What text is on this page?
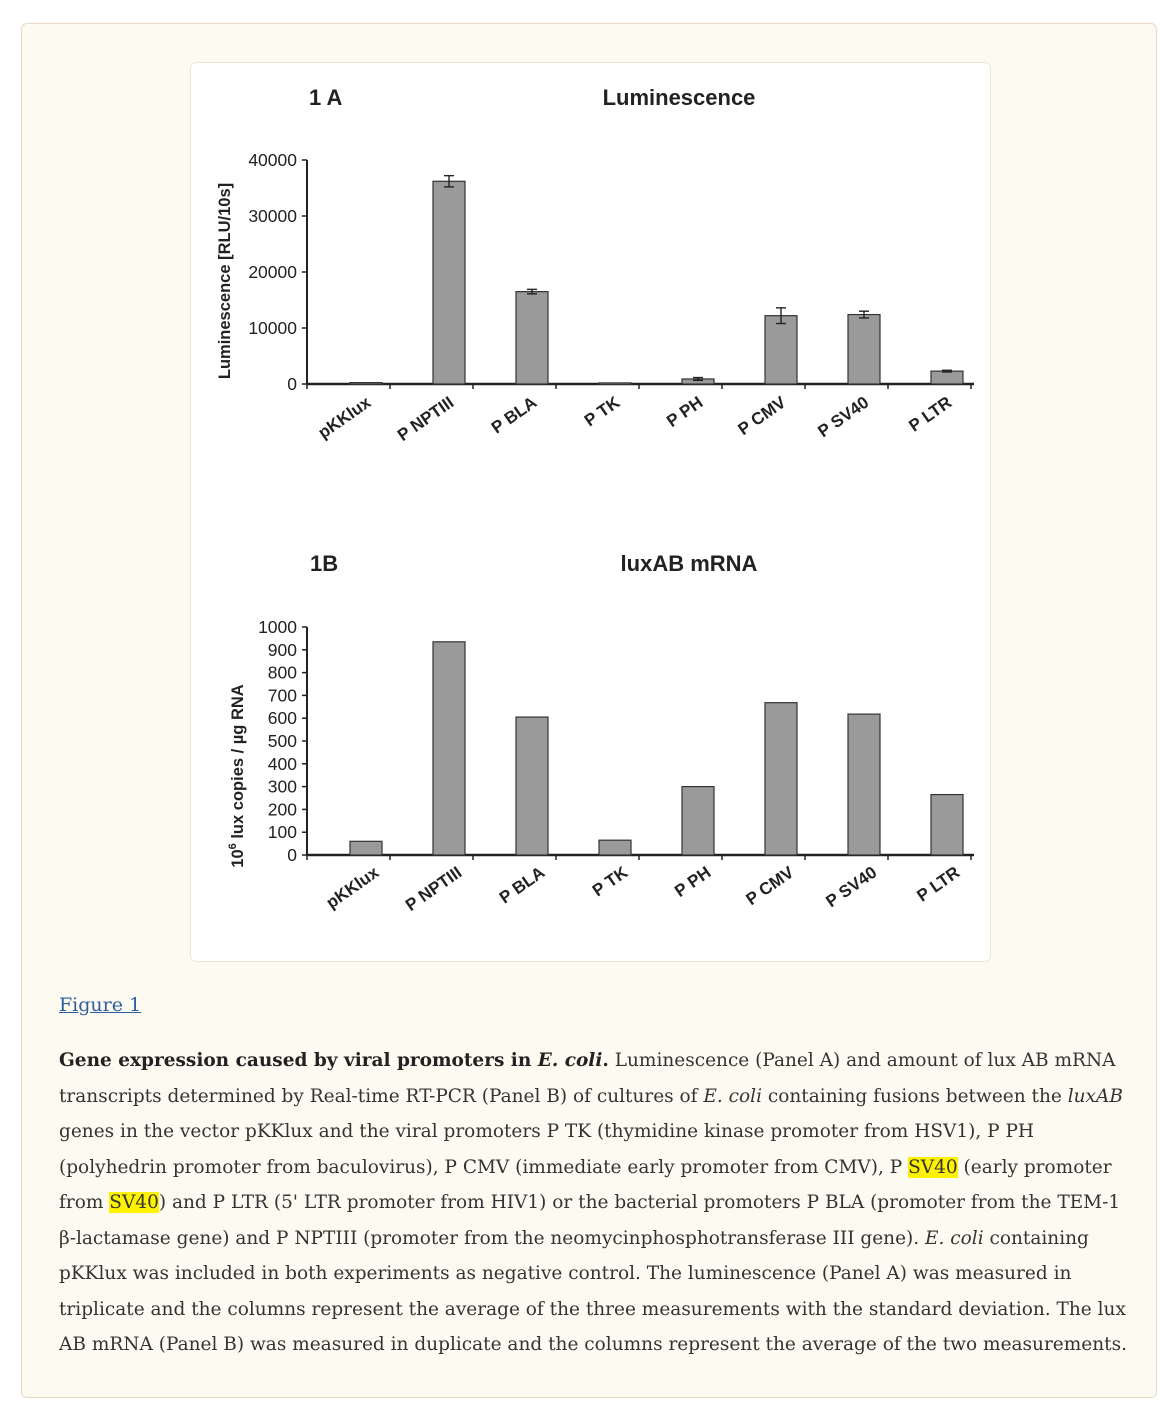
1 A	Luminescence
Luminescence [RLU/10s]
1B	luxAB mRNA
$10^6$ lux copies / µg RNA
0
10000
20000
30000
40000
pKKlux P NPTIII P BLA P TK P PH P CMV P SV40 P LTR
0
100
200
300
400
500
600
700
800
900
1000
pKKlux P NPTIII P BLA P TK P PH P CMV P SV40 P LTR
Figure 1

Gene expression caused by viral promoters in E. coli. Luminescence (Panel A) and amount of lux AB mRNA transcripts determined by Real-time RT-PCR (Panel B) of cultures of E. coli containing fusions between the luxAB genes in the vector pKKlux and the viral promoters P TK (thymidine kinase promoter from HSV1), P PH (polyhedrin promoter from baculovirus), P CMV (immediate early promoter from CMV), P SV40 (early promoter from SV40) and P LTR (5' LTR promoter from HIV1) or the bacterial promoters P BLA (promoter from the TEM-1 β-lactamase gene) and P NPTIII (promoter from the neomycinphosphotransferase III gene). E. coli containing pKKlux was included in both experiments as negative control. The luminescence (Panel A) was measured in triplicate and the columns represent the average of the three measurements with the standard deviation. The lux AB mRNA (Panel B) was measured in duplicate and the columns represent the average of the two measurements.
